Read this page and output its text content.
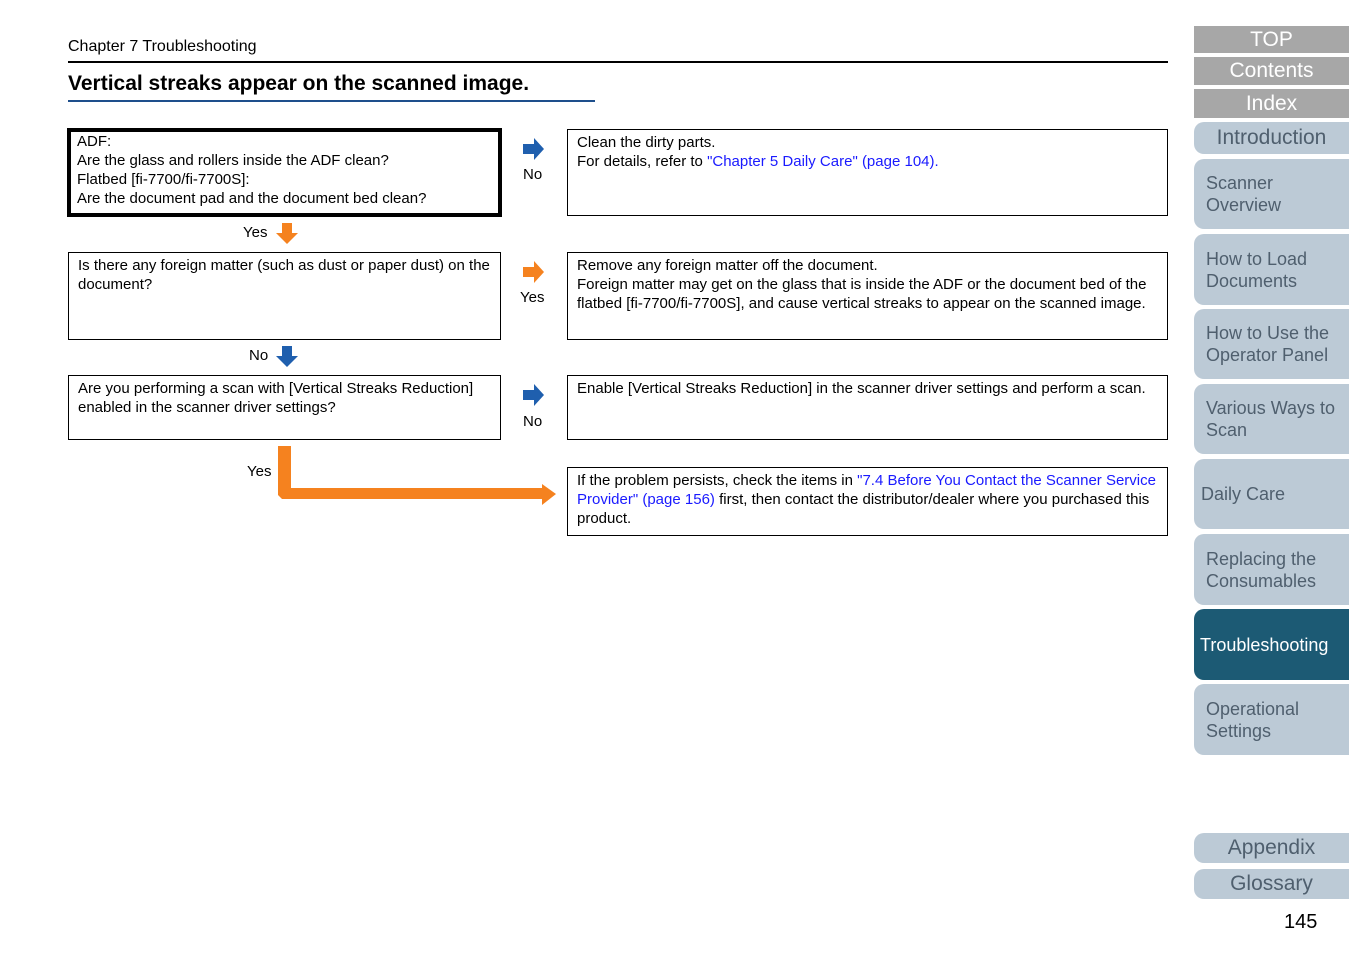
Chapter 7 Troubleshooting
Vertical streaks appear on the scanned image.

ADF:

Are the glass and rollers inside the ADF clean?

Flatbed [fi-7700/fi-7700S]:

Are the document pad and the document bed clean?

No

Clean the dirty parts.

For details, refer to "Chapter 5 Daily Care" (page 104).

Yes

Is there any foreign matter (such as dust or paper dust) on the document?

Yes

Remove any foreign matter off the document.

Foreign matter may get on the glass that is inside the ADF or the document bed of the flatbed [fi-7700/fi-7700S], and cause vertical streaks to appear on the scanned image.

No

Are you performing a scan with [Vertical Streaks Reduction] enabled in the scanner driver settings?

No

Enable [Vertical Streaks Reduction] in the scanner driver settings and perform a scan.

Yes

If the problem persists, check the items in "7.4 Before You Contact the Scanner Service Provider" (page 156) first, then contact the distributor/dealer where you purchased this product.

TOP
Contents
Index
Introduction
Scanner Overview
How to Load Documents
How to Use the Operator Panel
Various Ways to Scan
Daily Care
Replacing the Consumables
Troubleshooting
Operational Settings
Appendix
Glossary
145
